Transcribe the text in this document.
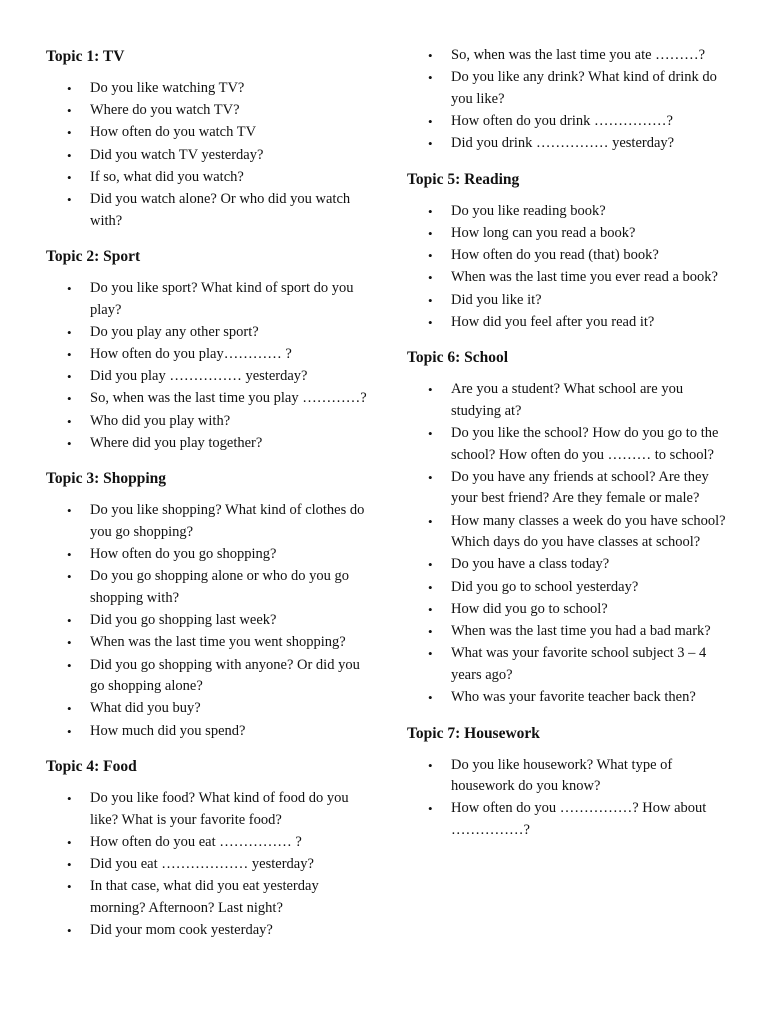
Topic 1: TV
• Do you like watching TV?
• Where do you watch TV?
• How often do you watch TV
• Did you watch TV yesterday?
• If so, what did you watch?
• Did you watch alone? Or who did you watch with?
Topic 2: Sport
• Do you like sport? What kind of sport do you play?
• Do you play any other sport?
• How often do you play………… ?
• Did you play …………… yesterday?
• So, when was the last time you play …………?
• Who did you play with?
• Where did you play together?
Topic 3: Shopping
• Do you like shopping? What kind of clothes do you go shopping?
• How often do you go shopping?
• Do you go shopping alone or who do you go shopping with?
• Did you go shopping last week?
• When was the last time you went shopping?
• Did you go shopping with anyone? Or did you go shopping alone?
• What did you buy?
• How much did you spend?
Topic 4: Food
• Do you like food? What kind of food do you like? What is your favorite food?
• How often do you eat …………… ?
• Did you eat ……………… yesterday?
• In that case, what did you eat yesterday morning? Afternoon? Last night?
• Did your mom cook yesterday?
• So, when was the last time you ate ………?
• Do you like any drink? What kind of drink do you like?
• How often do you drink ……………?
• Did you drink …………… yesterday?
Topic 5: Reading
• Do you like reading book?
• How long can you read a book?
• How often do you read (that) book?
• When was the last time you ever read a book?
• Did you like it?
• How did you feel after you read it?
Topic 6: School
• Are you a student? What school are you studying at?
• Do you like the school? How do you go to the school? How often do you ……… to school?
• Do you have any friends at school? Are they your best friend? Are they female or male?
• How many classes a week do you have school? Which days do you have classes at school?
• Do you have a class today?
• Did you go to school yesterday?
• How did you go to school?
• When was the last time you had a bad mark?
• What was your favorite school subject 3 – 4 years ago?
• Who was your favorite teacher back then?
Topic 7: Housework
• Do you like housework? What type of housework do you know?
• How often do you ……………? How about ……………?
